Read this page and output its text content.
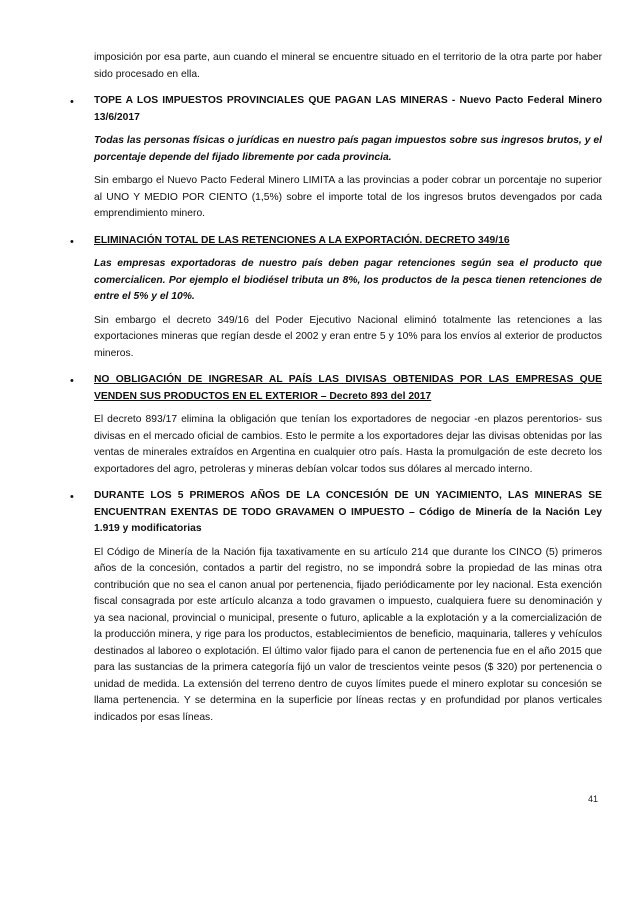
imposición por esa parte, aun cuando el mineral se encuentre situado en el territorio de la otra parte por haber sido procesado en ella.

• TOPE A LOS IMPUESTOS PROVINCIALES QUE PAGAN LAS MINERAS - Nuevo Pacto Federal Minero 13/6/2017

Todas las personas físicas o jurídicas en nuestro país pagan impuestos sobre sus ingresos brutos, y el porcentaje depende del fijado libremente por cada provincia.

Sin embargo el Nuevo Pacto Federal Minero LIMITA a las provincias a poder cobrar un porcentaje no superior al UNO Y MEDIO POR CIENTO (1,5%) sobre el importe total de los ingresos brutos devengados por cada emprendimiento minero.

• ELIMINACIÓN TOTAL DE LAS RETENCIONES A LA EXPORTACIÓN. DECRETO 349/16

Las empresas exportadoras de nuestro país deben pagar retenciones según sea el producto que comercialicen. Por ejemplo el biodiésel tributa un 8%, los productos de la pesca tienen retenciones de entre el 5% y el 10%.

Sin embargo el decreto 349/16 del Poder Ejecutivo Nacional eliminó totalmente las retenciones a las exportaciones mineras que regían desde el 2002 y eran entre 5 y 10% para los envíos al exterior de productos mineros.

• NO OBLIGACIÓN DE INGRESAR AL PAÍS LAS DIVISAS OBTENIDAS POR LAS EMPRESAS QUE VENDEN SUS PRODUCTOS EN EL EXTERIOR – Decreto 893 del 2017

El decreto 893/17 elimina la obligación que tenían los exportadores de negociar -en plazos perentorios- sus divisas en el mercado oficial de cambios. Esto le permite a los exportadores dejar las divisas obtenidas por las ventas de minerales extraídos en Argentina en cualquier otro país. Hasta la promulgación de este decreto los exportadores del agro, petroleras y mineras debían volcar todos sus dólares al mercado interno.

• DURANTE LOS 5 PRIMEROS AÑOS DE LA CONCESIÓN DE UN YACIMIENTO, LAS MINERAS SE ENCUENTRAN EXENTAS DE TODO GRAVAMEN O IMPUESTO – Código de Minería de la Nación Ley 1.919 y modificatorias

El Código de Minería de la Nación fija taxativamente en su artículo 214 que durante los CINCO (5) primeros años de la concesión, contados a partir del registro, no se impondrá sobre la propiedad de las minas otra contribución que no sea el canon anual por pertenencia, fijado periódicamente por ley nacional. Esta exención fiscal consagrada por este artículo alcanza a todo gravamen o impuesto, cualquiera fuere su denominación y ya sea nacional, provincial o municipal, presente o futuro, aplicable a la explotación y a la comercialización de la producción minera, y rige para los productos, establecimientos de beneficio, maquinaria, talleres y vehículos destinados al laboreo o explotación. El último valor fijado para el canon de pertenencia fue en el año 2015 que para las sustancias de la primera categoría fijó un valor de trescientos veinte pesos ($ 320) por pertenencia o unidad de medida. La extensión del terreno dentro de cuyos límites puede el minero explotar su concesión se llama pertenencia. Y se determina en la superficie por líneas rectas y en profundidad por planos verticales indicados por esas líneas.

41
